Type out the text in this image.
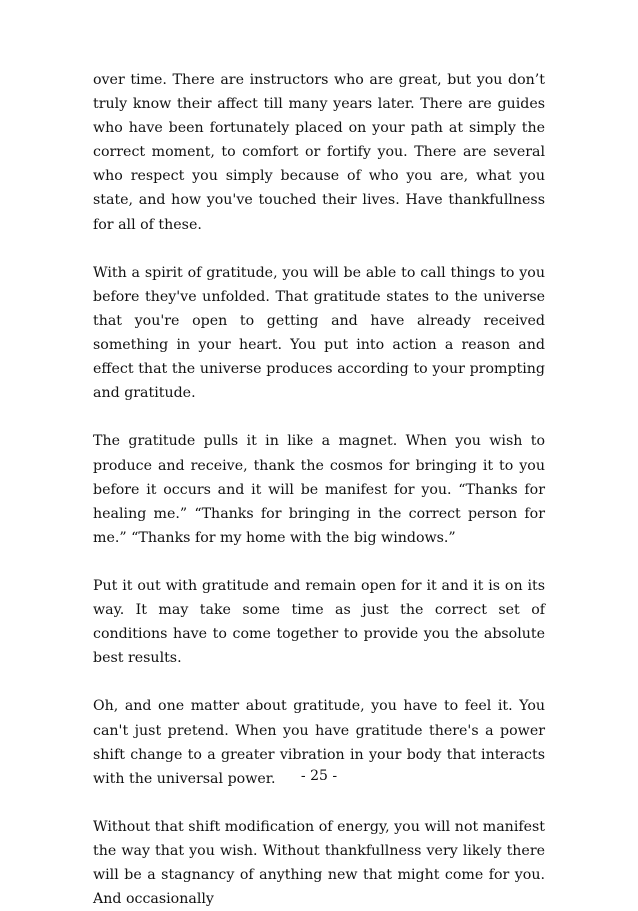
over time. There are instructors who are great, but you don’t truly know their affect till many years later. There are guides who have been fortunately placed on your path at simply the correct moment, to comfort or fortify you. There are several who respect you simply because of who you are, what you state, and how you've touched their lives. Have thankfullness for all of these.

With a spirit of gratitude, you will be able to call things to you before they've unfolded. That gratitude states to the universe that you're open to getting and have already received something in your heart. You put into action a reason and effect that the universe produces according to your prompting and gratitude.

The gratitude pulls it in like a magnet. When you wish to produce and receive, thank the cosmos for bringing it to you before it occurs and it will be manifest for you. “Thanks for healing me.” “Thanks for bringing in the correct person for me.” “Thanks for my home with the big windows.”

Put it out with gratitude and remain open for it and it is on its way. It may take some time as just the correct set of conditions have to come together to provide you the absolute best results.

Oh, and one matter about gratitude, you have to feel it. You can't just pretend. When you have gratitude there's a power shift change to a greater vibration in your body that interacts with the universal power.

Without that shift modification of energy, you will not manifest the way that you wish. Without thankfullness very likely there will be a stagnancy of anything new that might come for you. And occasionally

- 25 -
